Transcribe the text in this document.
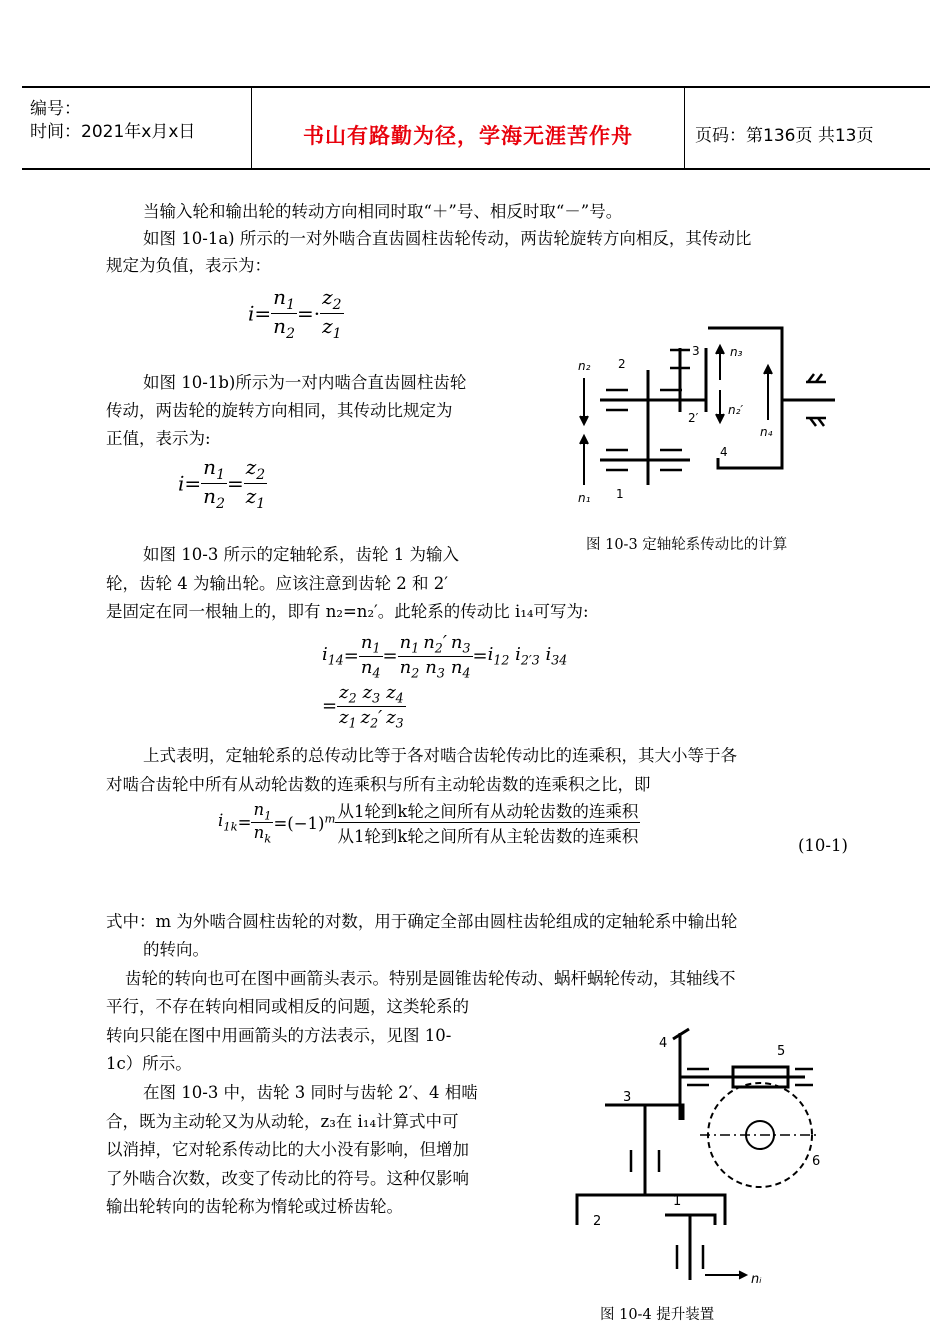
编号：
时间：2021年x月x日	书山有路勤为径，学海无涯苦作舟	页码：第136页 共13页
当输入轮和输出轮的转动方向相同时取“＋”号、相反时取“－”号。
如图 10-1a) 所示的一对外啮合直齿圆柱齿轮传动，两齿轮旋转方向相反，其传动比
规定为负值，表示为：
$i= \frac{n_1}{n_2} =\cdot \frac{z_2}{z_1}$
如图 10-1b)所示为一对内啮合直齿圆柱齿轮
传动，两齿轮的旋转方向相同，其传动比规定为
正值，表示为:
$i= \frac{n_1}{n_2} = \frac{z_2}{z_1}$
如图 10-3 所示的定轴轮系，齿轮 1 为输入
轮，齿轮 4 为输出轮。应该注意到齿轮 2 和 2′
是固定在同一根轴上的，即有 n₂=n₂′。此轮系的传动比 i₁₄可写为:
$i_{14}= \frac{n_1}{n_4} = \frac{n_1}{n_2} \frac{n_2'}{n_3} \frac{n_3}{n_4} =i_{12}$ $i_{2'3}$ $i_{34}$
= $\frac{z_2}{z_1} \frac{z_3}{z_2'} \frac{z_4}{z_3}$
上式表明，定轴轮系的总传动比等于各对啮合齿轮传动比的连乘积，其大小等于各
对啮合齿轮中所有从动轮齿数的连乘积与所有主动轮齿数的连乘积之比，即
$i_{1k}= \frac{n_1}{n_k} =(-1)^m \frac{\text{从1轮到k轮之间所有从动轮齿数的连乘积}}{\text{从1轮到k轮之间所有从主轮齿数的连乘积}}$	(10-1)
式中：m 为外啮合圆柱齿轮的对数，用于确定全部由圆柱齿轮组成的定轴轮系中输出轮
的转向。
齿轮的转向也可在图中画箭头表示。特别是圆锥齿轮传动、蜗杆蜗轮传动，其轴线不
平行，不存在转向相同或相反的问题，这类轮系的
转向只能在图中用画箭头的方法表示，见图 10-
1c）所示。
在图 10-3 中，齿轮 3 同时与齿轮 2′、4 相啮
合，既为主动轮又为从动轮，z₃在 i₁₄计算式中可
以消掉，它对轮系传动比的大小没有影响，但增加
了外啮合次数，改变了传动比的符号。这种仅影响
输出轮转向的齿轮称为惰轮或过桥齿轮。
n₂ 2
3	n₃
2′
n₂′
n₄
4
1
n₁
图 10-3 定轴轮系传动比的计算
4
5
3
6
2
1
nᵢ
图 10-4 提升装置
